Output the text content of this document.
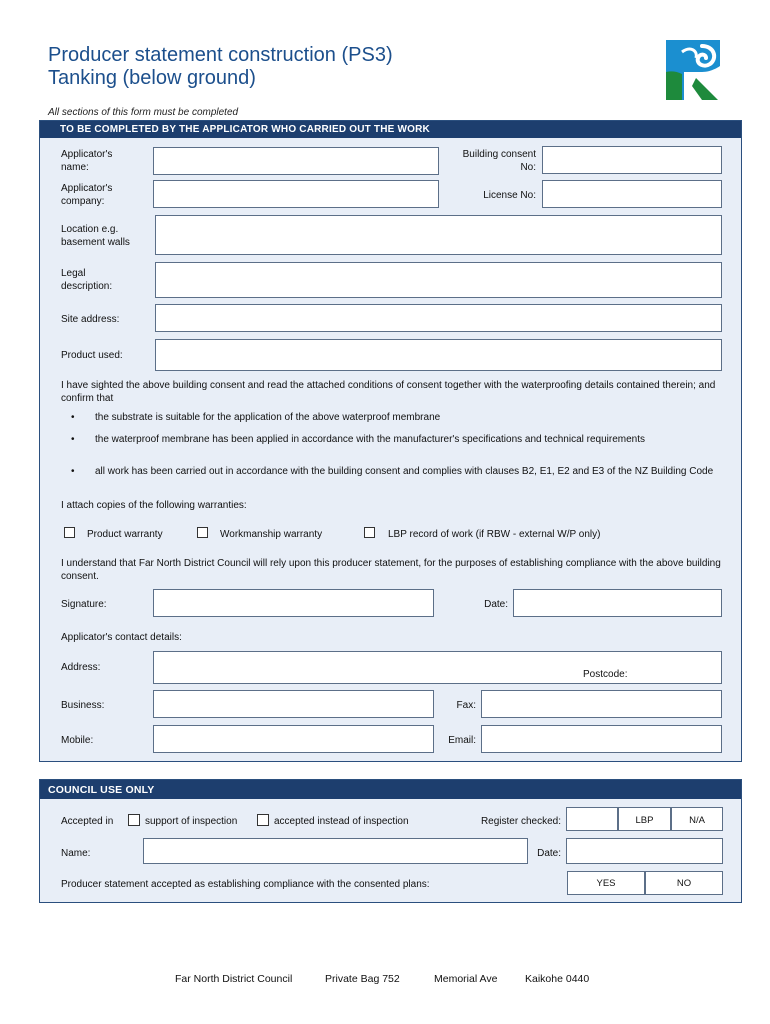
Producer statement construction (PS3)
Tanking (below ground)
All sections of this form must be completed
TO BE COMPLETED BY THE APPLICATOR WHO CARRIED OUT THE WORK
Applicator's
name:
Building consent
No:
Applicator's
company:
License No:
Location e.g.
basement walls
Legal
description:
Site address:
Product used:
I have sighted the above building consent and read the attached conditions of consent together with the waterproofing details contained therein; and confirm that
• the substrate is suitable for the application of the above waterproof membrane
• the waterproof membrane has been applied in accordance with the manufacturer's specifications and technical requirements
• all work has been carried out in accordance with the building consent and complies with clauses B2, E1, E2 and E3 of the NZ Building Code
I attach copies of the following warranties:
Product warranty	Workmanship warranty	LBP record of work (if RBW - external W/P only)
I understand that Far North District Council will rely upon this producer statement, for the purposes of establishing compliance with the above building consent.
Signature:	Date:
Applicator's contact details:
Address:
Postcode:
Business:	Fax:
Mobile:	Email:
COUNCIL USE ONLY
Accepted in	support of inspection	accepted instead of inspection	Register checked:	LBP	N/A
Name:	Date:
Producer statement accepted as establishing compliance with the consented plans:	YES	NO
Far North District Council	Private Bag 752	Memorial Ave	Kaikohe 0440
